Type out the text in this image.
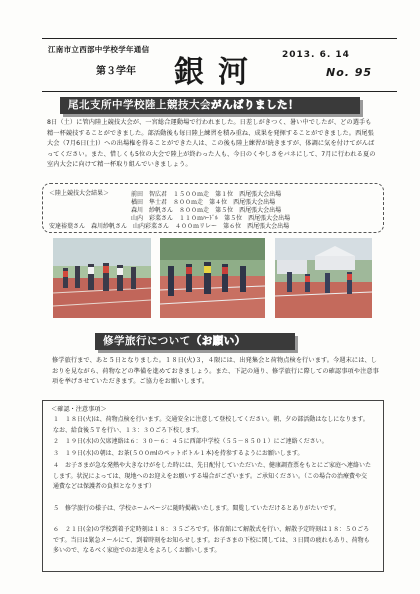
江南市立西部中学校学年通信
第３学年 銀河 2013. 6. 14
No. 95
尾北支所中学校陸上競技大会がんばりました！
8日（土）に管内陸上競技大会が、一宮総合運動場で行われました。日差しがきつく、暑い中でしたが、どの選手も精一杯競技することができました。部活動後も毎日陸上練習を積み重ね、成果を発揮することができました。西尾張大会（7月6日(土)）への出場権を得ることができた人は、この後も陸上練習が続きますが、体調に気を付けてがんばってください。また、惜しくも5位の大会で陸上が終わった人も、今日のくやしさをバネにして、7月に行われる夏の室内大会に向けて精一杯取り組んでいきましょう。
＜陸上競技大会結果＞	前田　智広君　 １５００ｍ走　 第１位　 西尾張大会出場
楢田　隼士君　 ８００ｍ走　 第４位　 西尾張大会出場
森川　紗帆さん　 ８００ｍ走　 第５位　 西尾張大会出場
山内　彩菜さん　 １１０ｍﾊｰﾄﾞﾙ　 第５位　 西尾張大会出場
安達裕葉さん　森川紗帆さん　山内彩菜さん　 ４００ｍリレー　 第６位　 西尾張大会出場
修学旅行について（お願い）
修学旅行まで、あと５日となりました。１８日(火)３，４限には、出発集会と荷物点検を行います。今週末には、しおりを見ながら、荷物などの準備を進めておきましょう。また、下記の通り、修学旅行に際しての確認事項や注意事項を挙げさせていただきます。ご協力をお願いします。
＜確認・注意事項＞
１　１８日(火)は、荷物点検を行います。交通安全に注意して登校してください。朝、夕の部活動はなしになります。なお、給食後５Ｔを行い、１３：３０ごろ下校します。
２　１９日(水)の欠席連絡は６：３０～６：４５に西部中学校（５５－８５０１）にご連絡ください。
３　１９日(水)の朝は、お茶(５００mlのペットボトル１本)を持参するようにお願いします。
４　お子さまが急な発熱や大きなけがをした時には、先日配付していただいた、健康調査票をもとにご家庭へ連絡いたします。状況によっては、現地へのお迎えをお願いする場合がございます。ご承知ください。（この場合の治療費や交通費などは保護者の負担となります）
５　修学旅行の様子は、学校ホームページに随時掲載いたします。閲覧していただけるとありがたいです。
６　２１日(金)の学校到着予定時刻は１８：３５ごろです。体育館にて解散式を行い、解散予定時刻は１８：５０ごろです。当日は緊急メールにて、到着時刻をお知らせします。お子さまの下校に関しては、３日間の疲れもあり、荷物も多いので、なるべく家庭でのお迎えをよろしくお願いします。
